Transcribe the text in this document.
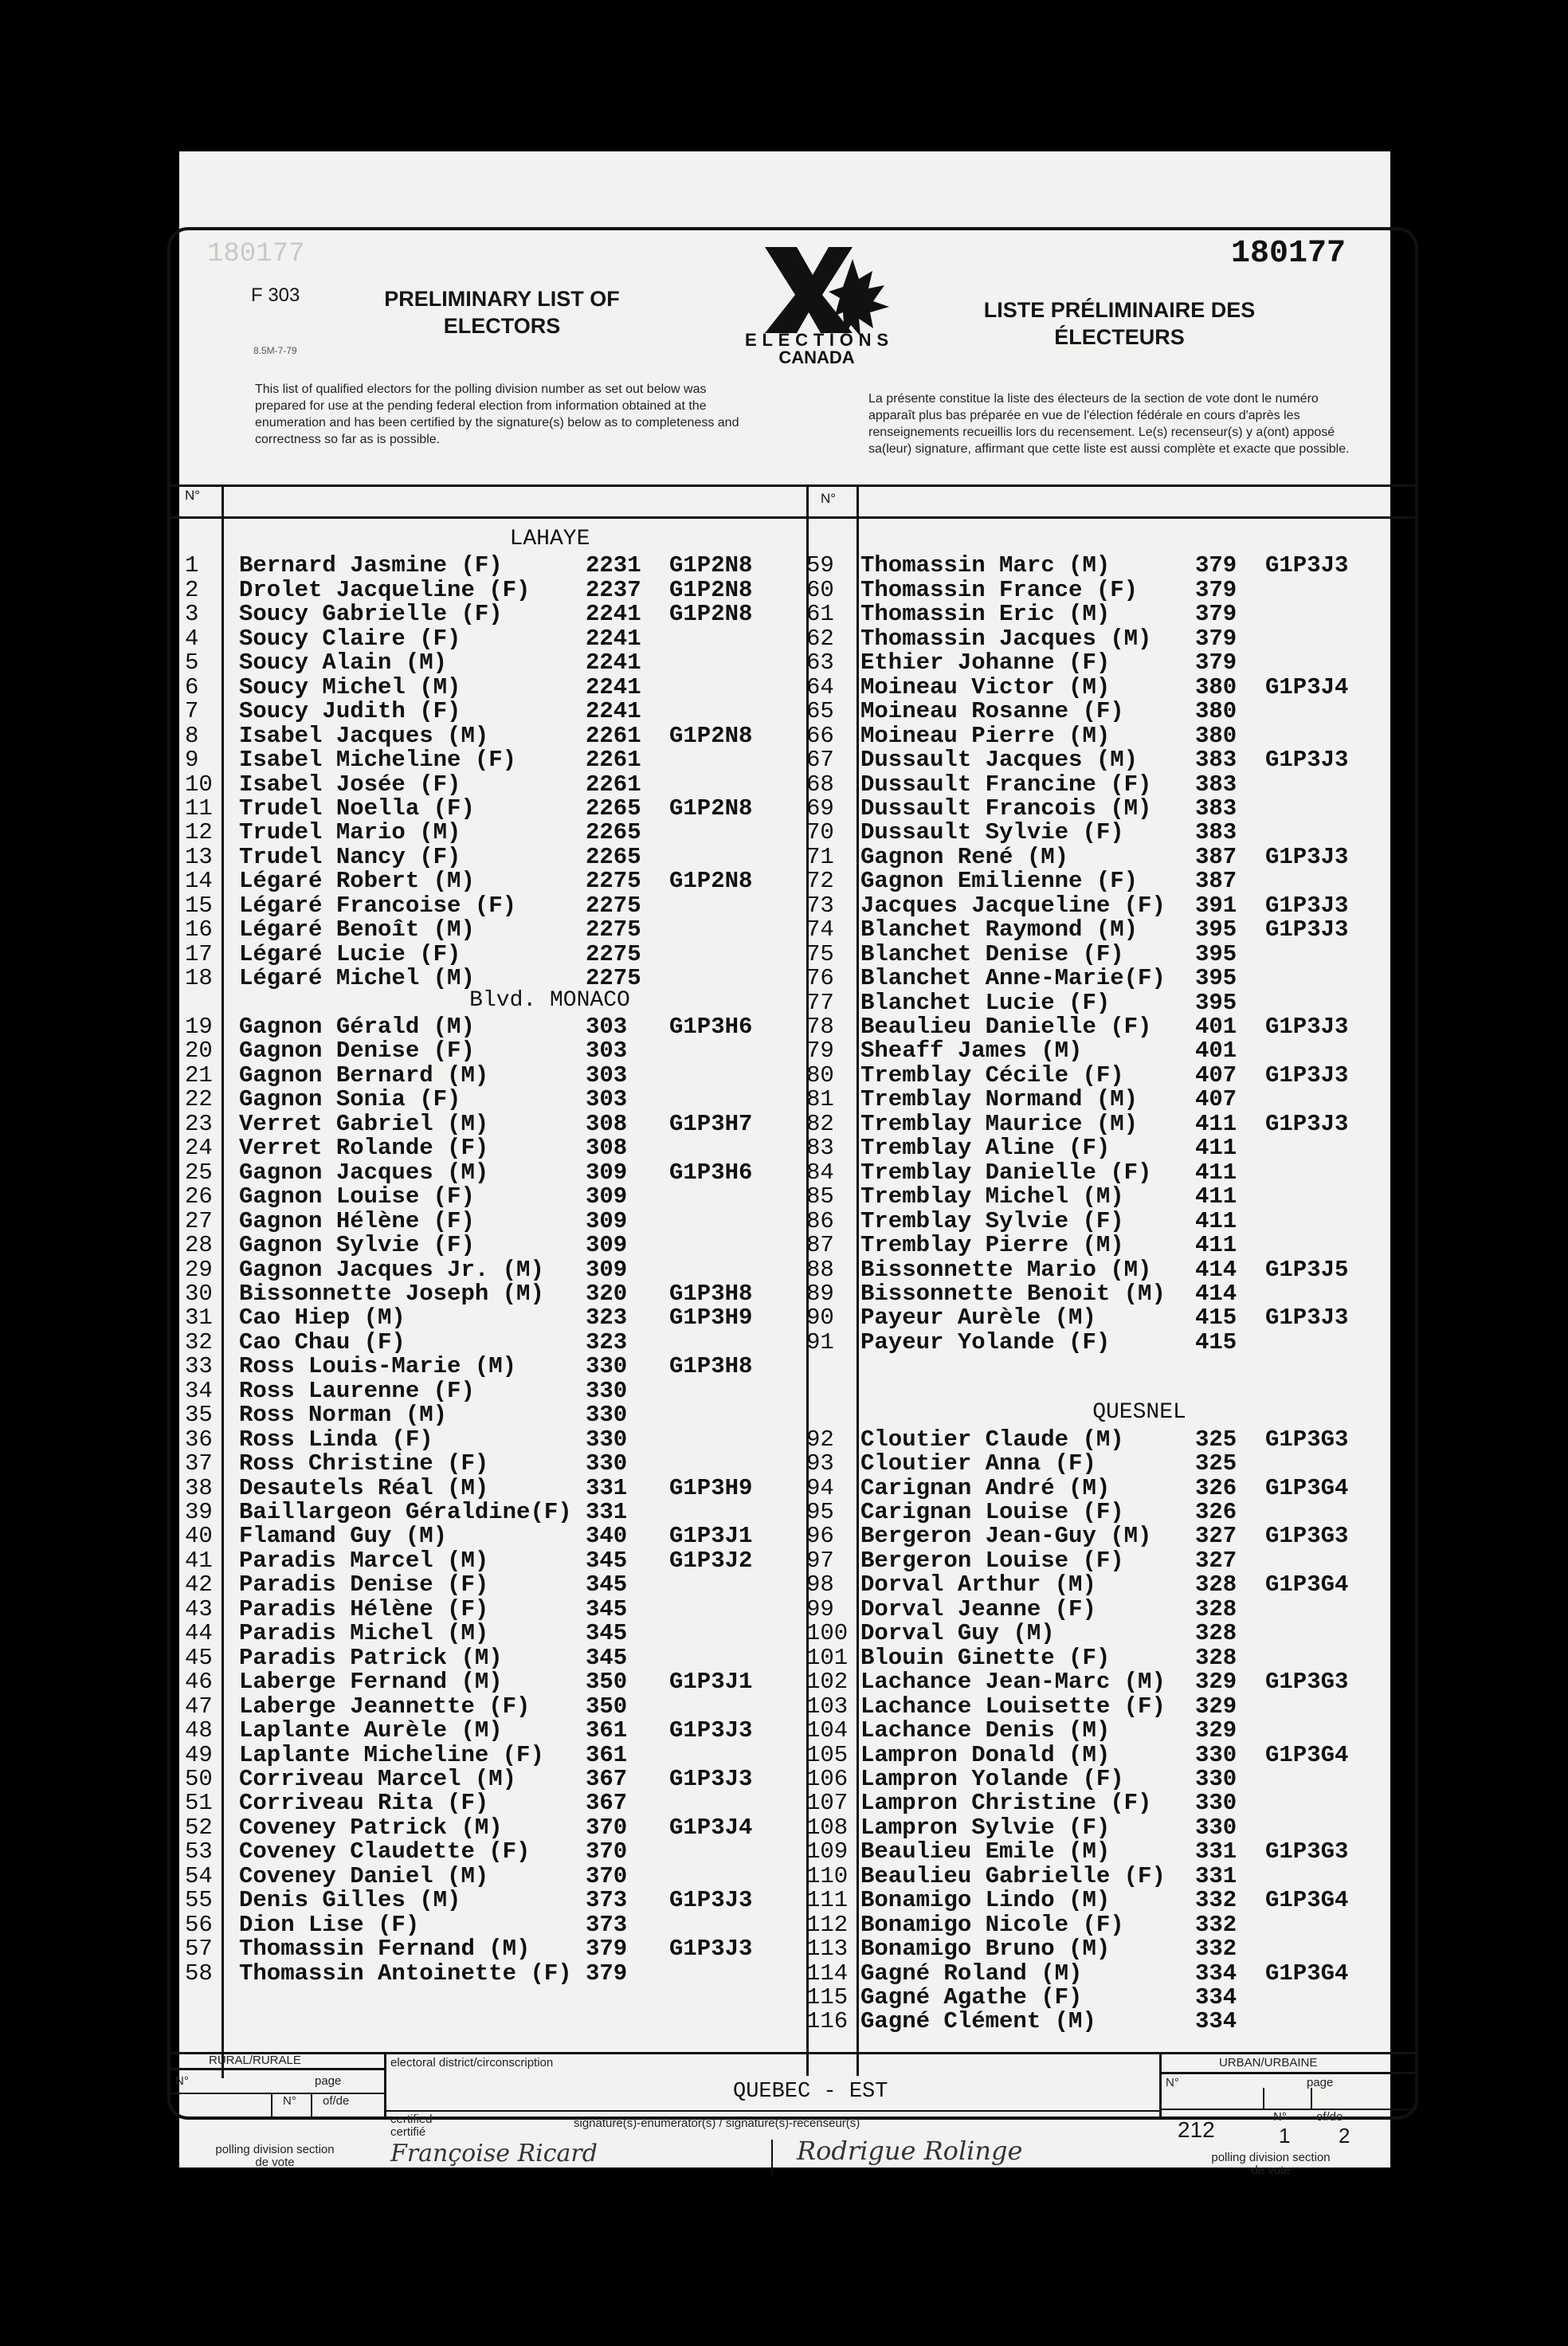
180177
F 303
8.5M-7-79
PRELIMINARY LIST OF ELECTORS
ELECTIONS
CANADA
180177
LISTE PRÉLIMINAIRE DES ÉLECTEURS
This list of qualified electors for the polling division number as set out below was prepared for use at the pending federal election from information obtained at the enumeration and has been certified by the signature(s) below as to completeness and correctness so far as is possible.
La présente constitue la liste des électeurs de la section de vote dont le numéro apparaît plus bas préparée en vue de l'élection fédérale en cours d'après les renseignements recueillis lors du recensement. Le(s) recenseur(s) y a(ont) apposé sa(leur) signature, affirmant que cette liste est aussi complète et exacte que possible.
N°	N°
LAHAYE
Blvd. MONACO
1 Bernard Jasmine (F)	2231 G1P2N8
2 Drolet Jacqueline (F) 2237 G1P2N8
3 Soucy Gabrielle (F)	2241 G1P2N8
4 Soucy Claire (F)	2241
5 Soucy Alain (M)	2241
6 Soucy Michel (M)	2241
7 Soucy Judith (F)	2241
8 Isabel Jacques (M)	2261 G1P2N8
9 Isabel Micheline (F)	2261
10 Isabel Josée (F)	2261
11 Trudel Noella (F)	2265 G1P2N8
12 Trudel Mario (M)	2265
13 Trudel Nancy (F)	2265
14 Légaré Robert (M)	2275 G1P2N8
15 Légaré Francoise (F)	2275
16 Légaré Benoît (M)	2275
17 Légaré Lucie (F)	2275
18 Légaré Michel (M)	2275
19 Gagnon Gérald (M)	303 G1P3H6
20 Gagnon Denise (F)	303
21 Gagnon Bernard (M)	303
22 Gagnon Sonia (F)	303
23 Verret Gabriel (M)	308 G1P3H7
24 Verret Rolande (F)	308
25 Gagnon Jacques (M)	309 G1P3H6
26 Gagnon Louise (F)	309
27 Gagnon Hélène (F)	309
28 Gagnon Sylvie (F)	309
29 Gagnon Jacques Jr. (M) 309
30 Bissonnette Joseph (M) 320 G1P3H8
31 Cao Hiep (M)	323 G1P3H9
32 Cao Chau (F)	323
33 Ross Louis-Marie (M)	330 G1P3H8
34 Ross Laurenne (F)	330
35 Ross Norman (M)	330
36 Ross Linda (F)	330
37 Ross Christine (F)	330
38 Desautels Réal (M)	331 G1P3H9
39 Baillargeon Géraldine(F) 331
40 Flamand Guy (M)	340 G1P3J1
41 Paradis Marcel (M)	345 G1P3J2
42 Paradis Denise (F)	345
43 Paradis Hélène (F)	345
44 Paradis Michel (M)	345
45 Paradis Patrick (M)	345
46 Laberge Fernand (M)	350 G1P3J1
47 Laberge Jeannette (F) 350
48 Laplante Aurèle (M)	361 G1P3J3
49 Laplante Micheline (F) 361
50 Corriveau Marcel (M)	367 G1P3J3
51 Corriveau Rita (F)	367
52 Coveney Patrick (M)	370 G1P3J4
53 Coveney Claudette (F) 370
54 Coveney Daniel (M)	370
55 Denis Gilles (M)	373 G1P3J3
56 Dion Lise (F)	373
57 Thomassin Fernand (M) 379 G1P3J3
58 Thomassin Antoinette (F) 379
QUESNEL
59 Thomassin Marc (M)	379 G1P3J3
60 Thomassin France (F) 379
61 Thomassin Eric (M)	379
62 Thomassin Jacques (M) 379
63 Ethier Johanne (F)	379
64 Moineau Victor (M)	380 G1P3J4
65 Moineau Rosanne (F)	380
66 Moineau Pierre (M)	380
67 Dussault Jacques (M) 383 G1P3J3
68 Dussault Francine (F) 383
69 Dussault Francois (M) 383
70 Dussault Sylvie (F)	383
71 Gagnon René (M)	387 G1P3J3
72 Gagnon Emilienne (F) 387
73 Jacques Jacqueline (F) 391 G1P3J3
74 Blanchet Raymond (M) 395 G1P3J3
75 Blanchet Denise (F)	395
76 Blanchet Anne-Marie(F) 395
77 Blanchet Lucie (F)	395
78 Beaulieu Danielle (F) 401 G1P3J3
79 Sheaff James (M)	401
80 Tremblay Cécile (F)	407 G1P3J3
81 Tremblay Normand (M) 407
82 Tremblay Maurice (M) 411 G1P3J3
83 Tremblay Aline (F)	411
84 Tremblay Danielle (F) 411
85 Tremblay Michel (M)	411
86 Tremblay Sylvie (F)	411
87 Tremblay Pierre (M)	411
88 Bissonnette Mario (M) 414 G1P3J5
89 Bissonnette Benoit (M) 414
90 Payeur Aurèle (M)	415 G1P3J3
91 Payeur Yolande (F)	415
92 Cloutier Claude (M)	325 G1P3G3
93 Cloutier Anna (F)	325
94 Carignan André (M)	326 G1P3G4
95 Carignan Louise (F)	326
96 Bergeron Jean-Guy (M) 327 G1P3G3
97 Bergeron Louise (F)	327
98 Dorval Arthur (M)	328 G1P3G4
99 Dorval Jeanne (F)	328
100 Dorval Guy (M)	328
101 Blouin Ginette (F)	328
102 Lachance Jean-Marc (M) 329 G1P3G3
103 Lachance Louisette (F) 329
104 Lachance Denis (M)	329
105 Lampron Donald (M)	330 G1P3G4
106 Lampron Yolande (F)	330
107 Lampron Christine (F) 330
108 Lampron Sylvie (F)	330
109 Beaulieu Emile (M)	331 G1P3G3
110 Beaulieu Gabrielle (F) 331
111 Bonamigo Lindo (M)	332 G1P3G4
112 Bonamigo Nicole (F)	332
113 Bonamigo Bruno (M)	332
114 Gagné Roland (M)	334 G1P3G4
115 Gagné Agathe (F)	334
116 Gagné Clément (M)	334
RURAL/RURALE
N°	page
N° of/de
polling division section de vote
electoral district/circonscription
QUEBEC - EST
certified certifié
signature(s)-enumerator(s) / signature(s)-recenseur(s)
Françoise Ricard	Rodrigue Rolinge
URBAN/URBAINE
N°	page
212
N° of/de
1 2
polling division section de vote
